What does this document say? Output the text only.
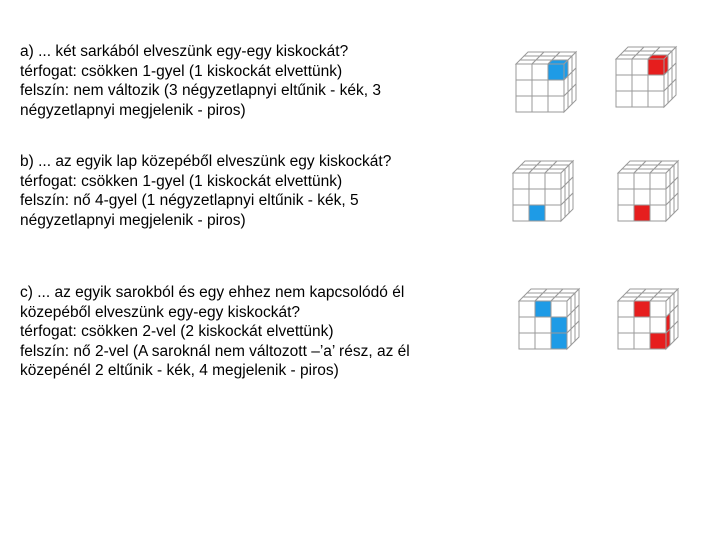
a) ... két sarkából elveszünk egy-egy kiskockát?

térfogat: csökken 1-gyel (1 kiskockát elvettünk)

felszín: nem változik (3 négyzetlapnyi eltűnik - kék, 3

négyzetlapnyi megjelenik - piros)

b) ... az egyik lap közepéből elveszünk egy kiskockát?

térfogat: csökken 1-gyel (1 kiskockát elvettünk)

felszín: nő 4-gyel (1 négyzetlapnyi eltűnik - kék, 5

négyzetlapnyi megjelenik - piros)

c) ... az egyik sarokból és egy ehhez nem kapcsolódó él

közepéből elveszünk egy-egy kiskockát?

térfogat: csökken 2-vel (2 kiskockát elvettünk)

felszín: nő 2-vel (A saroknál nem változott –’a’ rész, az él

közepénél 2 eltűnik - kék, 4 megjelenik - piros)
